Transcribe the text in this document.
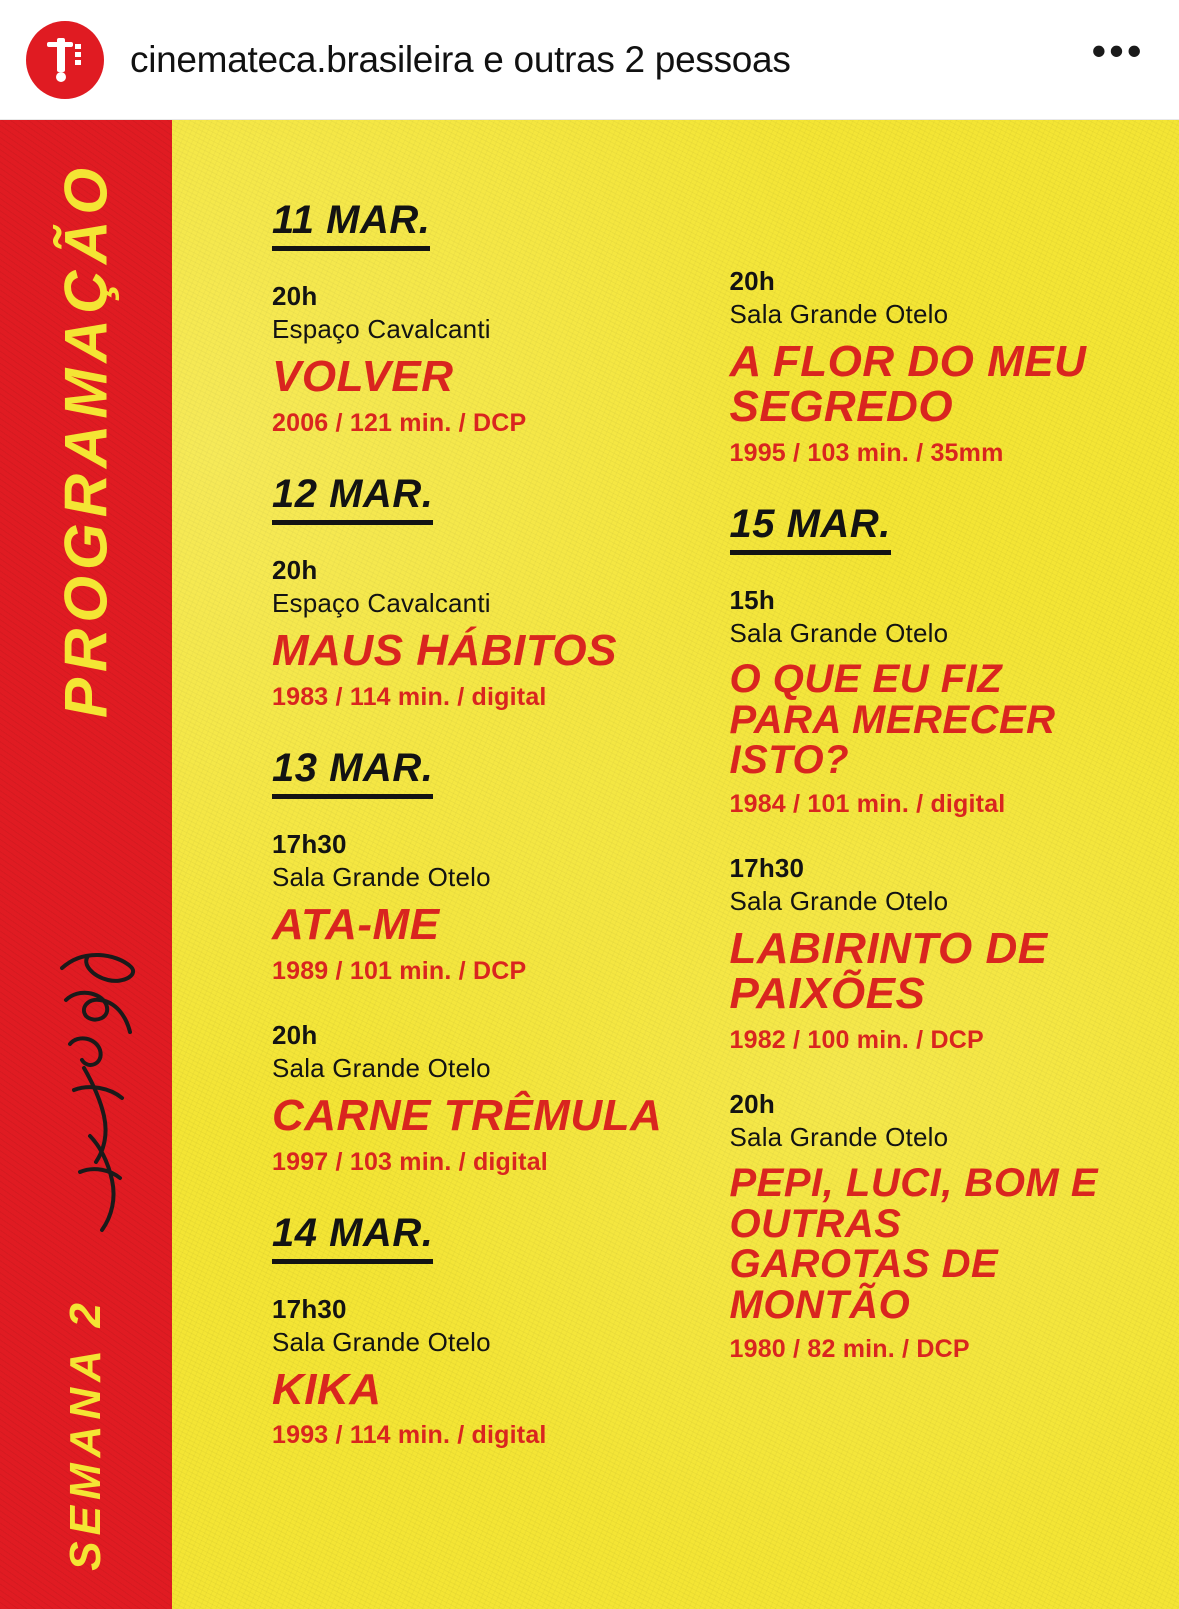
cinemateca.brasileira e outras 2 pessoas	•••
PROGRAMAÇÃO
SEMANA 2
11 MAR.
20h
Espaço Cavalcanti
VOLVER
2006 / 121 min. / DCP
12 MAR.
20h
Espaço Cavalcanti
MAUS HÁBITOS
1983 / 114 min. / digital
13 MAR.
17h30
Sala Grande Otelo
ATA-ME
1989 / 101 min. / DCP
20h
Sala Grande Otelo
CARNE TRÊMULA
1997 / 103 min. / digital
14 MAR.
17h30
Sala Grande Otelo
KIKA
1993 / 114 min. / digital
20h
Sala Grande Otelo
A FLOR DO MEU SEGREDO
1995 / 103 min. / 35mm
15 MAR.
15h
Sala Grande Otelo
O QUE EU FIZ PARA MERECER ISTO?
1984 / 101 min. / digital
17h30
Sala Grande Otelo
LABIRINTO DE PAIXÕES
1982 / 100 min. / DCP
20h
Sala Grande Otelo
PEPI, LUCI, BOM E OUTRAS GAROTAS DE MONTÃO
1980 / 82 min. / DCP
